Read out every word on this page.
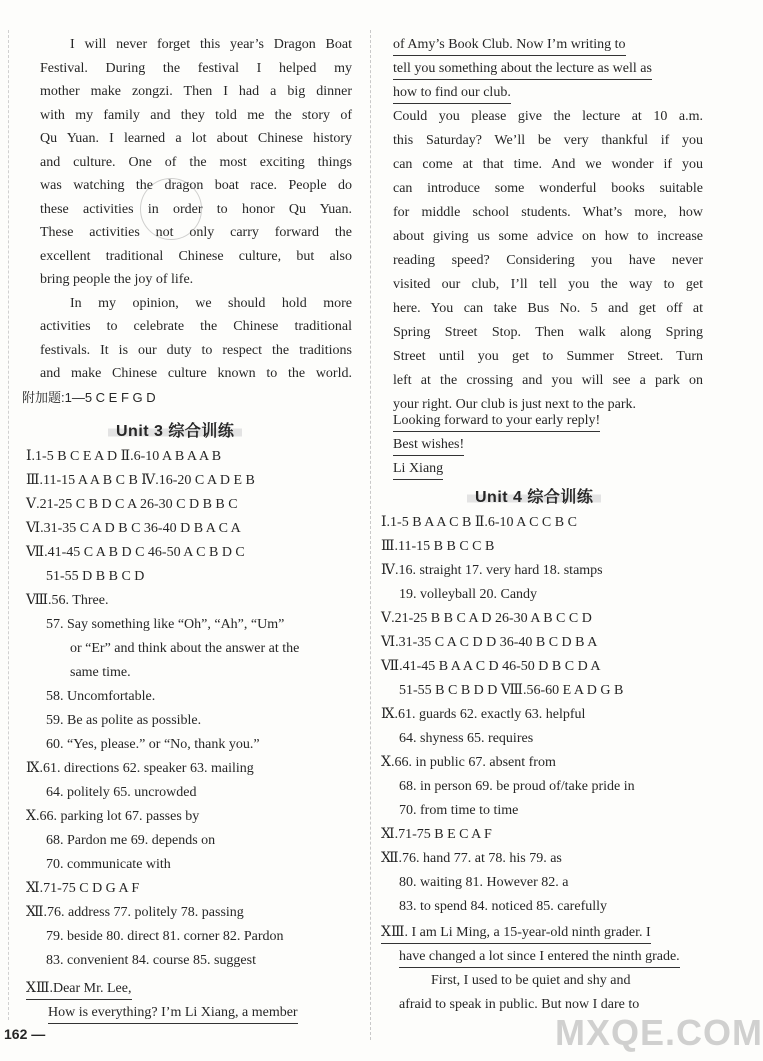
I will never forget this year’s Dragon Boat
Festival. During the festival I helped my
mother make zongzi. Then I had a big dinner
with my family and they told me the story of
Qu Yuan. I learned a lot about Chinese history
and culture. One of the most exciting things
was watching the dragon boat race. People do
these activities in order to honor Qu Yuan.
These activities not only carry forward the
excellent traditional Chinese culture, but also
bring people the joy of life.
In my opinion, we should hold more
activities to celebrate the Chinese traditional
festivals. It is our duty to respect the traditions
and make Chinese culture known to the world.
附加题:1—5 C E F G D
Unit 3 综合训练
Ⅰ.1-5 B C E A D Ⅱ.6-10 A B A A B
Ⅲ.11-15 A A B C B Ⅳ.16-20 C A D E B
Ⅴ.21-25 C B D C A 26-30 C D B B C
Ⅵ.31-35 C A D B C 36-40 D B A C A
Ⅶ.41-45 C A B D C 46-50 A C B D C
51-55 D B B C D
Ⅷ.56. Three.
57. Say something like “Oh”, “Ah”, “Um”
or “Er” and think about the answer at the
same time.
58. Uncomfortable.
59. Be as polite as possible.
60. “Yes, please.” or “No, thank you.”
Ⅸ.61. directions 62. speaker 63. mailing
64. politely 65. uncrowded
Ⅹ.66. parking lot 67. passes by
68. Pardon me 69. depends on
70. communicate with
Ⅺ.71-75 C D G A F
Ⅻ.76. address 77. politely 78. passing
79. beside 80. direct 81. corner 82. Pardon
83. convenient 84. course 85. suggest
ⅩⅢ.Dear Mr. Lee,
How is everything? I’m Li Xiang, a member
of Amy’s Book Club. Now I’m writing to
tell you something about the lecture as well as
how to find our club.
Could you please give the lecture at 10 a.m.
this Saturday? We’ll be very thankful if you
can come at that time. And we wonder if you
can introduce some wonderful books suitable
for middle school students. What’s more, how
about giving us some advice on how to increase
reading speed? Considering you have never
visited our club, I’ll tell you the way to get
here. You can take Bus No. 5 and get off at
Spring Street Stop. Then walk along Spring
Street until you get to Summer Street. Turn
left at the crossing and you will see a park on
your right. Our club is just next to the park.
Looking forward to your early reply!
Best wishes!
Li Xiang
Unit 4 综合训练
Ⅰ.1-5 B A A C B Ⅱ.6-10 A C C B C
Ⅲ.11-15 B B C C B
Ⅳ.16. straight 17. very hard 18. stamps
19. volleyball 20. Candy
Ⅴ.21-25 B B C A D 26-30 A B C C D
Ⅵ.31-35 C A C D D 36-40 B C D B A
Ⅶ.41-45 B A A C D 46-50 D B C D A
51-55 B C B D D Ⅷ.56-60 E A D G B
Ⅸ.61. guards 62. exactly 63. helpful
64. shyness 65. requires
Ⅹ.66. in public 67. absent from
68. in person 69. be proud of/take pride in
70. from time to time
Ⅺ.71-75 B E C A F
Ⅻ.76. hand 77. at 78. his 79. as
80. waiting 81. However 82. a
83. to spend 84. noticed 85. carefully
ⅩⅢ. I am Li Ming, a 15-year-old ninth grader. I
have changed a lot since I entered the ninth grade.
First, I used to be quiet and shy and
afraid to speak in public. But now I dare to
162 —	MXQE.COM
